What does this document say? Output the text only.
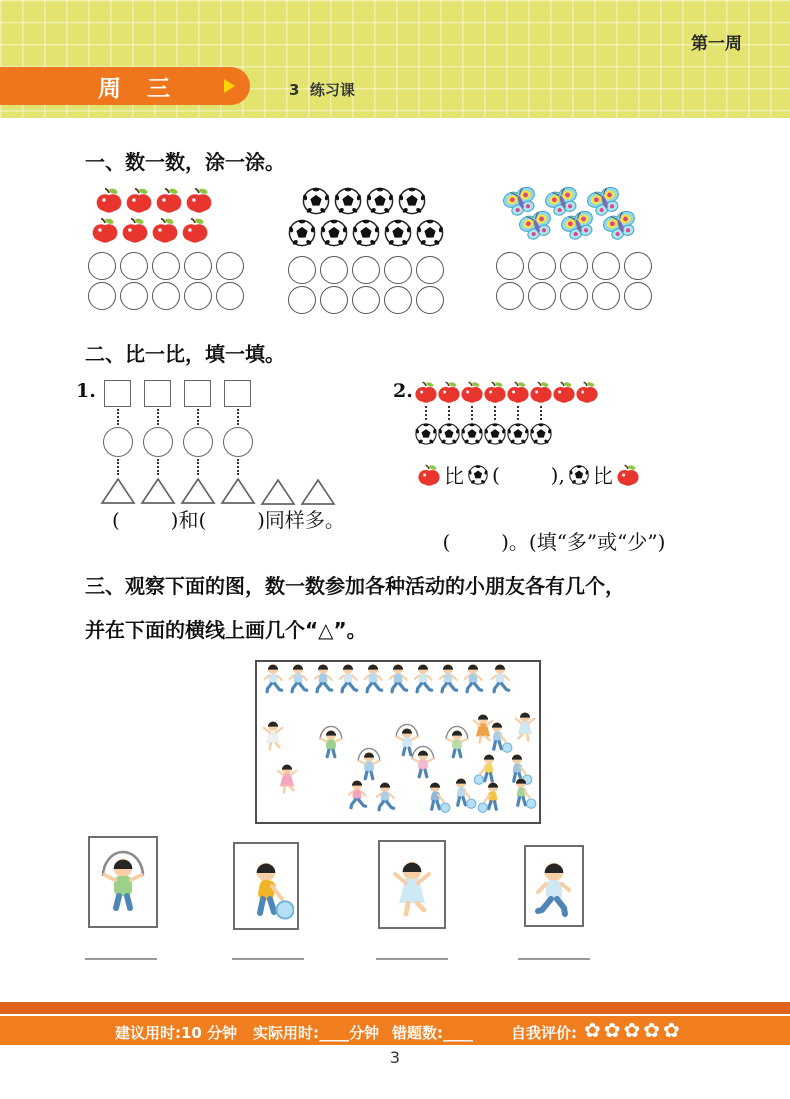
第一周
周 三	3  练习课
一、数一数，涂一涂。
二、比一比，填一填。
1.
(        )和(        )同样多。
2.
比 (        ), 比

(        )。(填“多”或“少”)

三、观察下面的图，数一数参加各种活动的小朋友各有几个，
并在下面的横线上画几个“△”。
建议用时:10 分钟 实际用时:____分钟 错题数:____	自我评价: ✿✿✿✿✿
3
